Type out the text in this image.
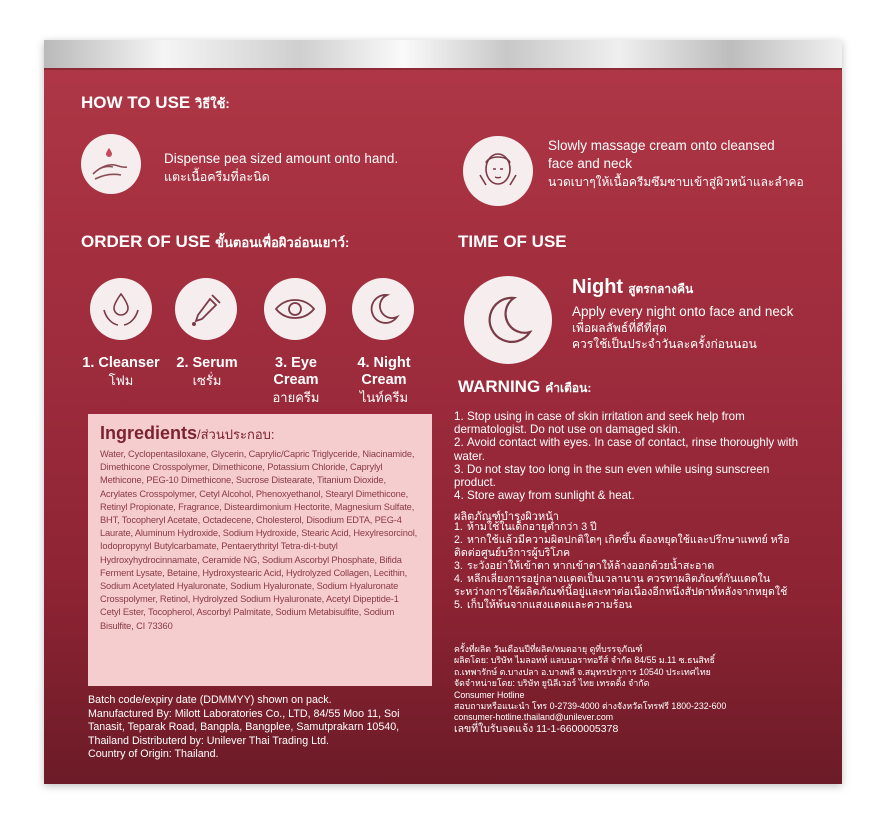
HOW TO USE วิธีใช้:
Dispense pea sized amount onto hand.
แตะเนื้อครีมที่ละนิด
Slowly massage cream onto cleansed face and neck
นวดเบาๆให้เนื้อครีมซึมซาบเข้าสู่ผิวหน้าและลำคอ
ORDER OF USE ขั้นตอนเพื่อผิวอ่อนเยาว์:
1. Cleanser
โฟม
2. Serum
เซรั่ม
3. Eye
Cream
อายครีม
4. Night
Cream
ไนท์ครีม
TIME OF USE
Night สูตรกลางคืน
Apply every night onto face and neck
เพื่อผลลัพธ์ที่ดีที่สุด
ควรใช้เป็นประจำวันละครั้งก่อนนอน
WARNING คำเตือน:
1. Stop using in case of skin irritation and seek help from dermatologist. Do not use on damaged skin.
2. Avoid contact with eyes. In case of contact, rinse thoroughly with water.
3. Do not stay too long in the sun even while using sunscreen product.
4. Store away from sunlight & heat.
ผลิตภัณฑ์บำรุงผิวหน้า
1. ห้ามใช้ในเด็กอายุต่ำกว่า 3 ปี
2. หากใช้แล้วมีความผิดปกติใดๆ เกิดขึ้น ต้องหยุดใช้และปรึกษาแพทย์ หรือติดต่อศูนย์บริการผู้บริโภค
3. ระวังอย่าให้เข้าตา หากเข้าตาให้ล้างออกด้วยน้ำสะอาด
4. หลีกเลี่ยงการอยู่กลางแดดเป็นเวลานาน ควรทาผลิตภัณฑ์กันแดดในระหว่างการใช้ผลิตภัณฑ์นี้อยู่และทาต่อเนื่องอีกหนึ่งสัปดาห์หลังจากหยุดใช้
5. เก็บให้พ้นจากแสงแดดและความร้อน
ครั้งที่ผลิต วันเดือนปีที่ผลิต/หมดอายุ ดูที่บรรจุภัณฑ์
ผลิตโดย: บริษัท ไมลอทท์ แลบบอราทอรีส์ จำกัด 84/55 ม.11 ซ.ธนสิทธิ์
ถ.เทพารักษ์ ต.บางปลา อ.บางพลี จ.สมุทรปราการ 10540 ประเทศไทย
จัดจำหน่ายโดย: บริษัท ยูนิลีเวอร์ ไทย เทรดดิ้ง จำกัด
Consumer Hotline
สอบถามหรือแนะนำ โทร 0-2739-4000 ต่างจังหวัดโทรฟรี 1800-232-600
consumer-hotline.thailand@unilever.com
เลขที่ใบรับจดแจ้ง 11-1-6600005378
Ingredients/ส่วนประกอบ:
Water, Cyclopentasiloxane, Glycerin, Caprylic/Capric Triglyceride, Niacinamide, Dimethicone Crosspolymer, Dimethicone, Potassium Chloride, Caprylyl Methicone, PEG-10 Dimethicone, Sucrose Distearate, Titanium Dioxide, Acrylates Crosspolymer, Cetyl Alcohol, Phenoxyethanol, Stearyl Dimethicone, Retinyl Propionate, Fragrance, Disteardimonium Hectorite, Magnesium Sulfate, BHT, Tocopheryl Acetate, Octadecene, Cholesterol, Disodium EDTA, PEG-4 Laurate, Aluminum Hydroxide, Sodium Hydroxide, Stearic Acid, Hexylresorcinol, Iodopropynyl Butylcarbamate, Pentaerythrityl Tetra-di-t-butyl Hydroxyhydrocinnamate, Ceramide NG, Sodium Ascorbyl Phosphate, Bifida Ferment Lysate, Betaine, Hydroxystearic Acid, Hydrolyzed Collagen, Lecithin, Sodium Acetylated Hyaluronate, Sodium Hyaluronate, Sodium Hyaluronate Crosspolymer, Retinol, Hydrolyzed Sodium Hyaluronate, Acetyl Dipeptide-1 Cetyl Ester, Tocopherol, Ascorbyl Palmitate, Sodium Metabisulfite, Sodium Bisulfite, CI 73360
Batch code/expiry date (DDMMYY) shown on pack.
Manufactured By: Milott Laboratories Co., LTD, 84/55 Moo 11, Soi Tanasit, Teparak Road, Bangpla, Bangplee, Samutprakarn 10540, Thailand Distributerd by: Unilever Thai Trading Ltd.
Country of Origin: Thailand.
